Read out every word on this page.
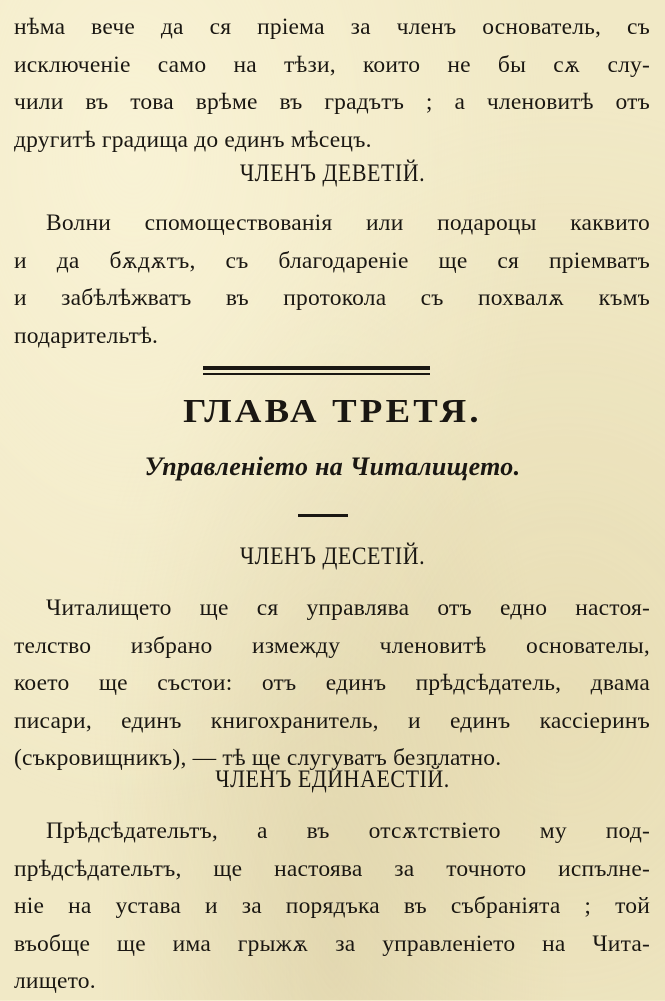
нѣма вече да ся пріема за членъ основатель, съ
исключеніе само на тѣзи, които не бы сѫ слу-
чили въ това врѣме въ градътъ ; а членовитѣ отъ
другитѣ градища до единъ мѣсецъ.
ЧЛЕНЪ ДЕВЕТІЙ.
Волни спомоществованія или подароцы каквито
и да бѫдѫтъ, съ благодареніе ще ся пріемватъ
и забѣлѣжватъ въ протокола съ похвалѫ къмъ
подарительтѣ.
ГЛАВА ТРЕТЯ.
Управленіето на Читалището.
ЧЛЕНЪ ДЕСЕТІЙ.
Читалището ще ся управлява отъ едно настоя-
телство избрано измежду членовитѣ основателы,
което ще състои: отъ единъ прѣдсѣдатель, двама
писари, единъ книгохранитель, и единъ кассіеринъ
(съкровищникъ), — тѣ ще слугуватъ безплатно.
ЧЛЕНЪ ЕДИНАЕСТІЙ.
Прѣдсѣдательтъ, а въ отсѫтствіето му под-
прѣдсѣдательтъ, ще настоява за точното испълне-
ніе на устава и за порядъка въ събраніята ; той
въобще ще има грыжѫ за управленіето на Чита-
лището.
